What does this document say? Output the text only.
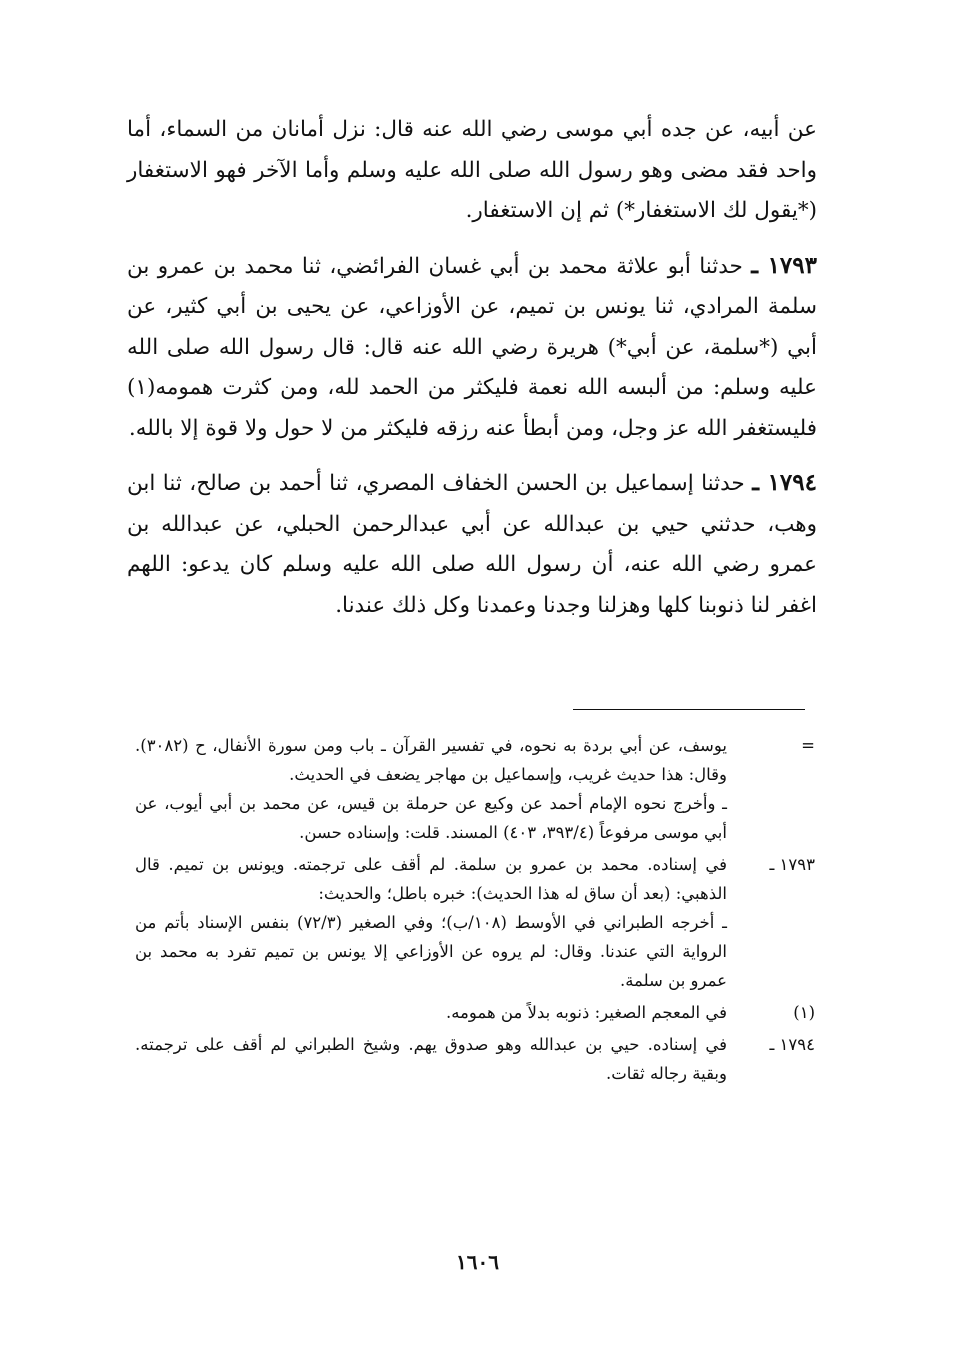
عن أبيه، عن جده أبي موسى رضي الله عنه قال: نزل أمانان من السماء، أما واحد فقد مضى وهو رسول الله صلى الله عليه وسلم وأما الآخر فهو الاستغفار (*يقول لك الاستغفار*) ثم إن الاستغفار.

١٧٩٣ ـ حدثنا أبو علاثة محمد بن أبي غسان الفرائضي، ثنا محمد بن عمرو بن سلمة المرادي، ثنا يونس بن تميم، عن الأوزاعي، عن يحيى بن أبي كثير، عن أبي (*سلمة، عن أبي*) هريرة رضي الله عنه قال: قال رسول الله صلى الله عليه وسلم: من ألبسه الله نعمة فليكثر من الحمد لله، ومن كثرت همومه(١) فليستغفر الله عز وجل، ومن أبطأ عنه رزقه فليكثر من لا حول ولا قوة إلا بالله.

١٧٩٤ ـ حدثنا إسماعيل بن الحسن الخفاف المصري، ثنا أحمد بن صالح، ثنا ابن وهب، حدثني حيي بن عبدالله عن أبي عبدالرحمن الحبلي، عن عبدالله بن عمرو رضي الله عنه، أن رسول الله صلى الله عليه وسلم كان يدعو: اللهم اغفر لنا ذنوبنا كلها وهزلنا وجدنا وعمدنا وكل ذلك عندنا.

=

يوسف، عن أبي بردة به نحوه، في تفسير القرآن ـ باب ومن سورة الأنفال، ح (٣٠٨٢). وقال: هذا حديث غريب، وإسماعيل بن مهاجر يضعف في الحديث.

ـ وأخرج نحوه الإمام أحمد عن وكيع عن حرملة بن قيس، عن محمد بن أبي أيوب، عن أبي موسى مرفوعاً (٣٩٣/٤، ٤٠٣) المسند. قلت: وإسناده حسن.

١٧٩٣ ـ

في إسناده. محمد بن عمرو بن سلمة. لم أقف على ترجمته. ويونس بن تميم. قال الذهبي: (بعد أن ساق له هذا الحديث): خبره باطل؛ والحديث:

ـ أخرجه الطبراني في الأوسط (١٠٨/ب)؛ وفي الصغير (٧٢/٣) بنفس الإسناد بأتم من الرواية التي عندنا. وقال: لم يروه عن الأوزاعي إلا يونس بن تميم تفرد به محمد بن عمرو بن سلمة.

(١)

في المعجم الصغير: ذنوبه بدلاً من همومه.

١٧٩٤ ـ

في إسناده. حيي بن عبدالله وهو صدوق يهم. وشيخ الطبراني لم أقف على ترجمته. وبقية رجاله ثقات.

١٦٠٦
